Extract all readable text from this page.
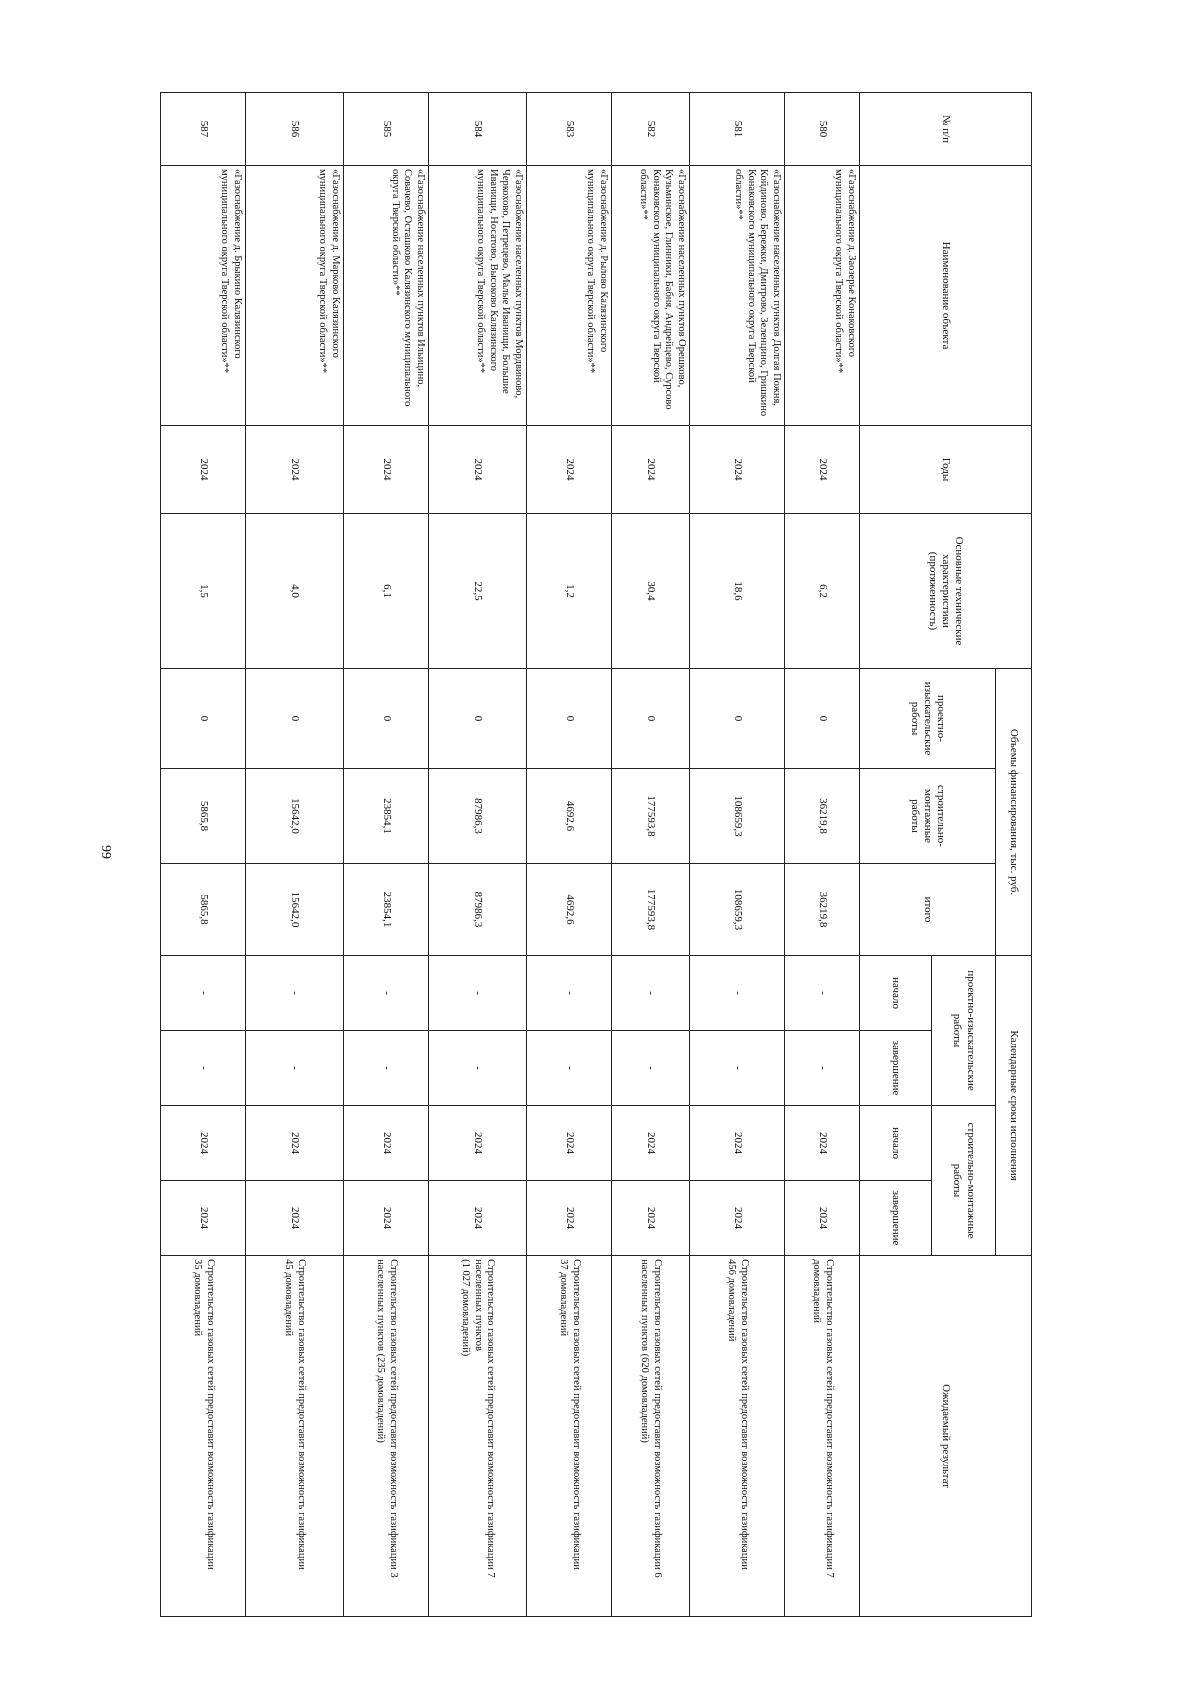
99
№ п/п	Наименование объекта	Годы	Основные технические характеристики (протяженность)	Объемы финансирования, тыс. руб.			Календарные сроки исполнения				Ожидаемый результат
				проектно-изыскательские работы	строительно-монтажные работы	итого	проектно-изыскательские работы		строительно-монтажные работы		
							начало	завершение	начало	завершение	
580	«Газоснабжение д. Заозерье Конаковского муниципального округа Тверской области»**	2024	6,2	0	36219,8	36219,8	-	-	2024	2024	Строительство газовых сетей предоставит возможность газификации 7 домовладений

581	«Газоснабжение населенных пунктов Долгая Пожня, Койдиново, Бережки, Дмитрово, Зеленцино, Гришкино Конаковского муниципального округа Тверской области»**	2024	18,6	0	108659,3	108659,3	-	-	2024	2024	Строительство газовых сетей предоставит возможность газификации
456 домовладений

582	«Газоснабжение населенных пунктов Орешково, Кузьминское, Глинники, Бабня, Андрейцево, Сурсово Конаковского муниципального округа Тверской области»**	2024	30,4	0	177593,8	177593,8	-	-	2024	2024	Строительство газовых сетей предоставит возможность газификации 6 населенных пунктов (620 домовладений)

583	«Газоснабжение д. Рылово Калязинского муниципального округа Тверской области»**	2024	1,2	0	4692,6	4692,6	-	-	2024	2024	Строительство газовых сетей предоставит возможность газификации
37 домовладений

584	«Газоснабжение населенных пунктов Мордвиново, Черкохово, Петрецево, Малые Иванищи, Большие Иванищи, Носатово, Высоково Калязинского муниципального округа Тверской области»**	2024	22,5	0	87986,3	87986,3	-	-	2024	2024	Строительство газовых сетей предоставит возможность газификации 7 населенных пунктов
(1 027 домовладений)

585	«Газоснабжение населенных пунктов Ильицино, Совачево, Осташково Калязинского муниципального округа Тверской области»**	2024	6,1	0	23854,1	23854,1	-	-	2024	2024	Строительство газовых сетей предоставит возможность газификации 3 населенных пунктов (235 домовладений)

586	«Газоснабжение д. Марково Калязинского муниципального округа Тверской области»**	2024	4,0	0	15642,0	15642,0	-	-	2024	2024	Строительство газовых сетей предоставит возможность газификации
45 домовладений

587	«Газоснабжение д. Брыкино Калязинского муниципального округа Тверской области»**	2024	1,5	0	5865,8	5865,8	-	-	2024	2024	Строительство газовых сетей предоставит возможность газификации
35 домовладений
